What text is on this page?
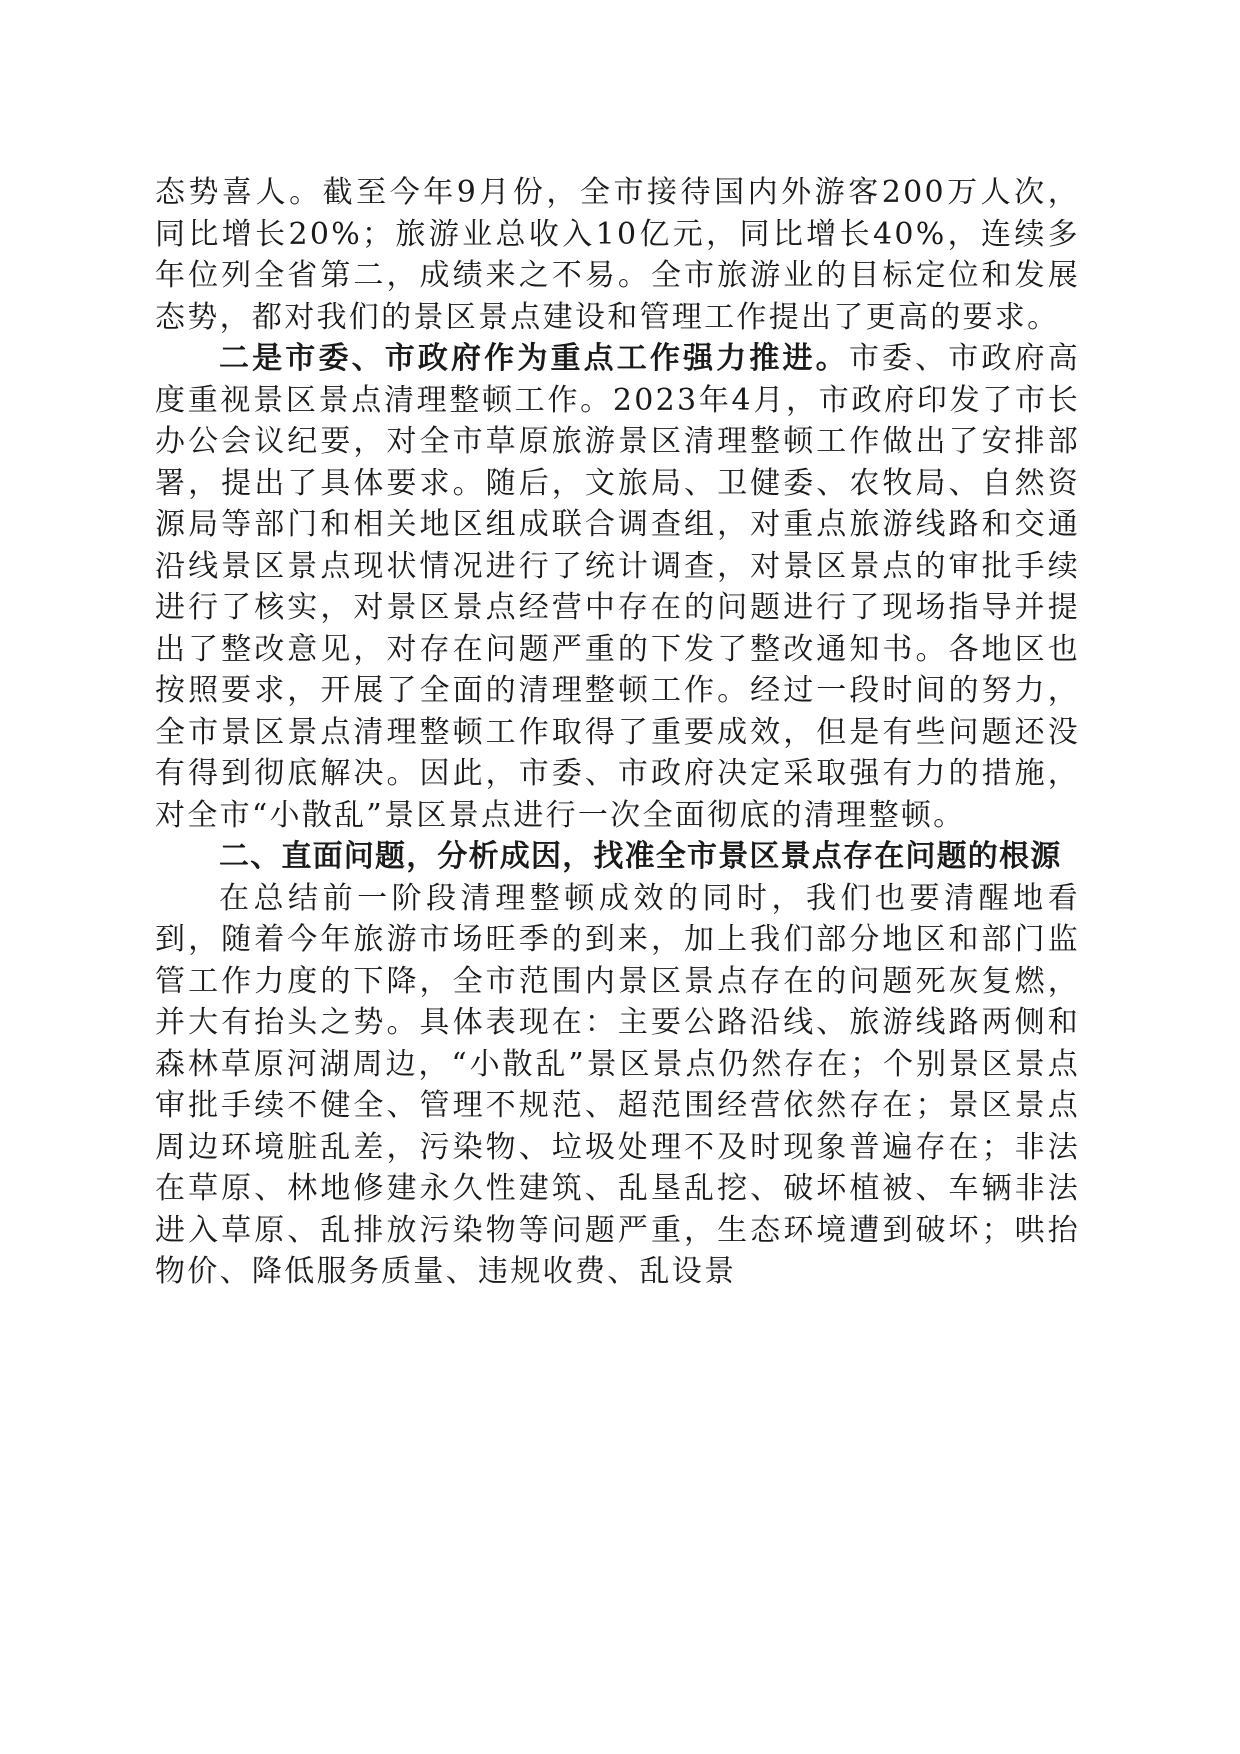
态势喜人。截至今年9月份，全市接待国内外游客200万人次，同比增长20%；旅游业总收入10亿元，同比增长40%，连续多年位列全省第二，成绩来之不易。全市旅游业的目标定位和发展态势，都对我们的景区景点建设和管理工作提出了更高的要求。

二是市委、市政府作为重点工作强力推进。市委、市政府高度重视景区景点清理整顿工作。2023年4月，市政府印发了市长办公会议纪要，对全市草原旅游景区清理整顿工作做出了安排部署，提出了具体要求。随后，文旅局、卫健委、农牧局、自然资源局等部门和相关地区组成联合调查组，对重点旅游线路和交通沿线景区景点现状情况进行了统计调查，对景区景点的审批手续进行了核实，对景区景点经营中存在的问题进行了现场指导并提出了整改意见，对存在问题严重的下发了整改通知书。各地区也按照要求，开展了全面的清理整顿工作。经过一段时间的努力，全市景区景点清理整顿工作取得了重要成效，但是有些问题还没有得到彻底解决。因此，市委、市政府决定采取强有力的措施，对全市“小散乱”景区景点进行一次全面彻底的清理整顿。

二、直面问题，分析成因，找准全市景区景点存在问题的根源

在总结前一阶段清理整顿成效的同时，我们也要清醒地看到，随着今年旅游市场旺季的到来，加上我们部分地区和部门监管工作力度的下降，全市范围内景区景点存在的问题死灰复燃，并大有抬头之势。具体表现在：主要公路沿线、旅游线路两侧和森林草原河湖周边，“小散乱”景区景点仍然存在；个别景区景点审批手续不健全、管理不规范、超范围经营依然存在；景区景点周边环境脏乱差，污染物、垃圾处理不及时现象普遍存在；非法在草原、林地修建永久性建筑、乱垦乱挖、破坏植被、车辆非法进入草原、乱排放污染物等问题严重，生态环境遭到破坏；哄抬物价、降低服务质量、违规收费、乱设景
